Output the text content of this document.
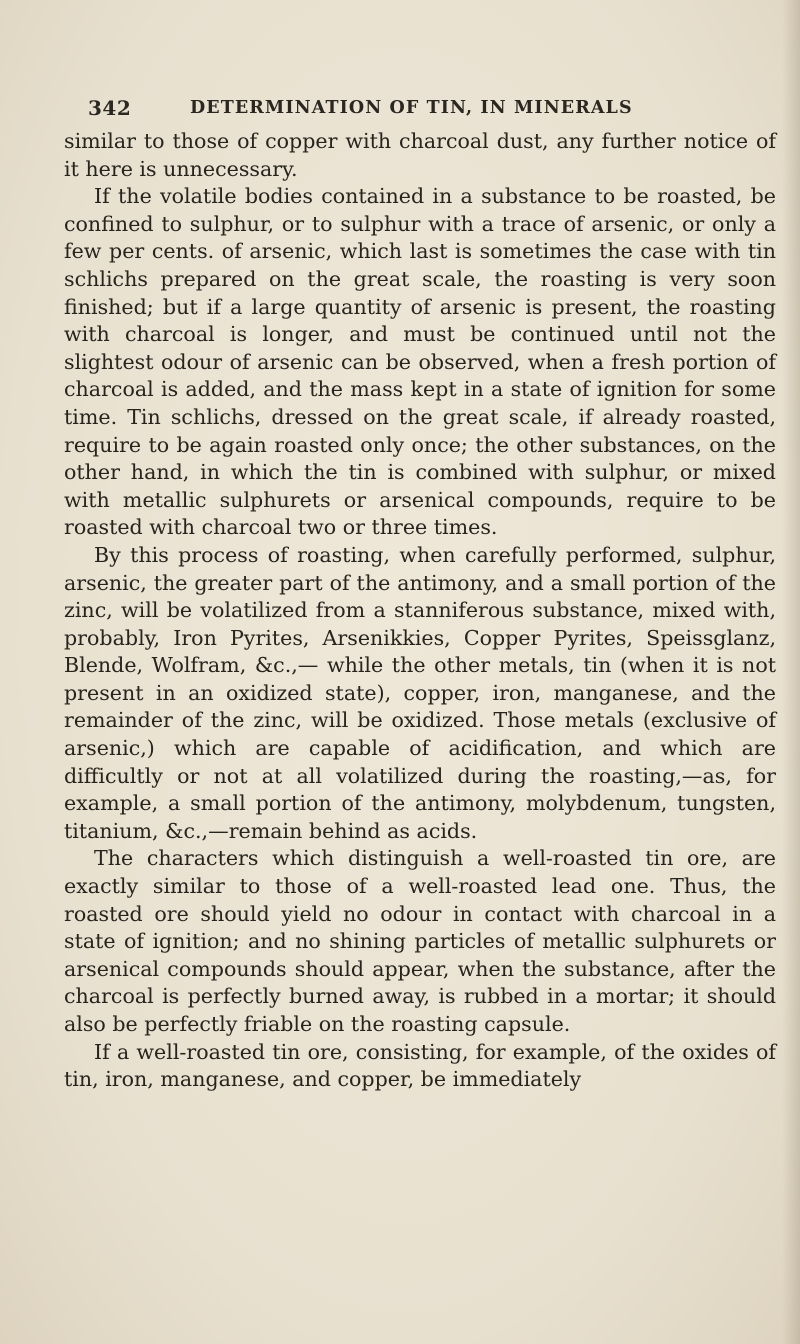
342	DETERMINATION OF TIN, IN MINERALS

similar to those of copper with charcoal dust, any further notice of it here is unnecessary.

If the volatile bodies contained in a substance to be roasted, be confined to sulphur, or to sulphur with a trace of arsenic, or only a few per cents. of arsenic, which last is sometimes the case with tin schlichs prepared on the great scale, the roasting is very soon finished; but if a large quantity of arsenic is present, the roasting with charcoal is longer, and must be continued until not the slightest odour of arsenic can be observed, when a fresh portion of charcoal is added, and the mass kept in a state of ignition for some time. Tin schlichs, dressed on the great scale, if already roasted, require to be again roasted only once; the other substances, on the other hand, in which the tin is combined with sulphur, or mixed with metallic sulphurets or arsenical compounds, require to be roasted with charcoal two or three times.

By this process of roasting, when carefully performed, sulphur, arsenic, the greater part of the antimony, and a small portion of the zinc, will be volatilized from a stanniferous substance, mixed with, probably, Iron Pyrites, Arsenikkies, Copper Pyrites, Speissglanz, Blende, Wolfram, &c.,— while the other metals, tin (when it is not present in an oxidized state), copper, iron, manganese, and the remainder of the zinc, will be oxidized. Those metals (exclusive of arsenic,) which are capable of acidification, and which are difficultly or not at all volatilized during the roasting,—as, for example, a small portion of the antimony, molybdenum, tungsten, titanium, &c.,—remain behind as acids.

The characters which distinguish a well-roasted tin ore, are exactly similar to those of a well-roasted lead one. Thus, the roasted ore should yield no odour in contact with charcoal in a state of ignition; and no shining particles of metallic sulphurets or arsenical compounds should appear, when the substance, after the charcoal is perfectly burned away, is rubbed in a mortar; it should also be perfectly friable on the roasting capsule.

If a well-roasted tin ore, consisting, for example, of the oxides of tin, iron, manganese, and copper, be immediately
